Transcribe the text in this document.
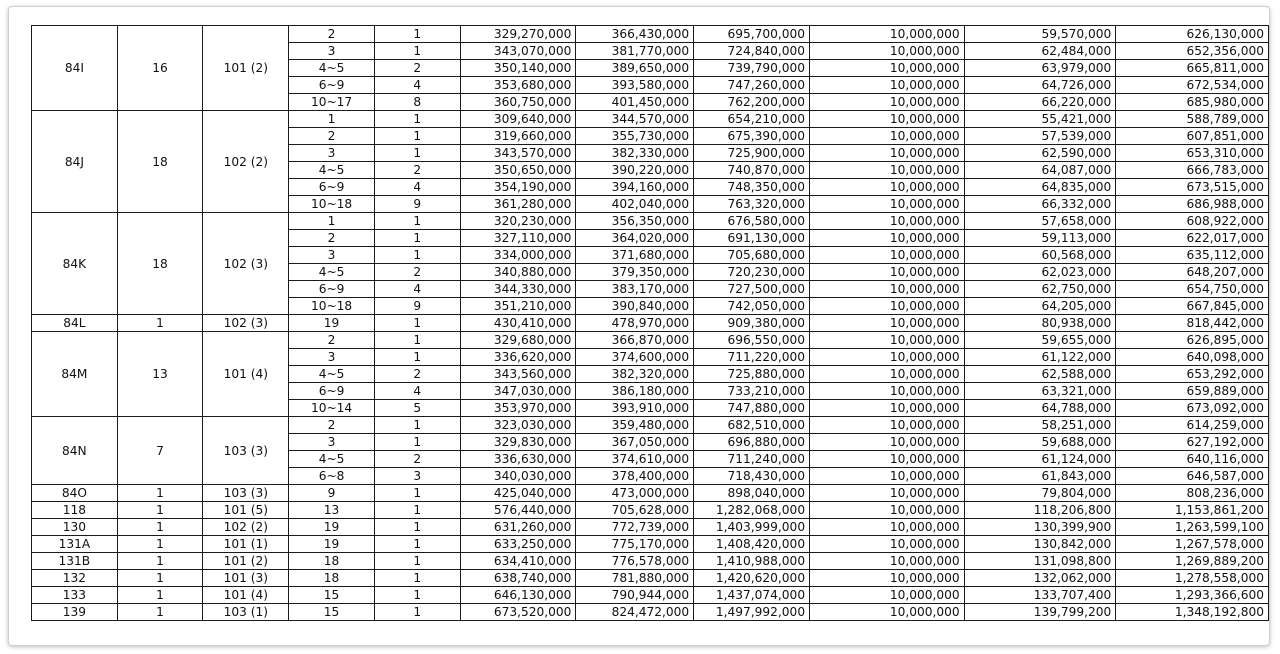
84I	16	101 (2)	2	1	329,270,000	366,430,000	695,700,000	10,000,000	59,570,000	626,130,000
			3	1	343,070,000	381,770,000	724,840,000	10,000,000	62,484,000	652,356,000
			4~5	2	350,140,000	389,650,000	739,790,000	10,000,000	63,979,000	665,811,000
			6~9	4	353,680,000	393,580,000	747,260,000	10,000,000	64,726,000	672,534,000
			10~17	8	360,750,000	401,450,000	762,200,000	10,000,000	66,220,000	685,980,000
84J	18	102 (2)	1	1	309,640,000	344,570,000	654,210,000	10,000,000	55,421,000	588,789,000
			2	1	319,660,000	355,730,000	675,390,000	10,000,000	57,539,000	607,851,000
			3	1	343,570,000	382,330,000	725,900,000	10,000,000	62,590,000	653,310,000
			4~5	2	350,650,000	390,220,000	740,870,000	10,000,000	64,087,000	666,783,000
			6~9	4	354,190,000	394,160,000	748,350,000	10,000,000	64,835,000	673,515,000
			10~18	9	361,280,000	402,040,000	763,320,000	10,000,000	66,332,000	686,988,000
84K	18	102 (3)	1	1	320,230,000	356,350,000	676,580,000	10,000,000	57,658,000	608,922,000
			2	1	327,110,000	364,020,000	691,130,000	10,000,000	59,113,000	622,017,000
			3	1	334,000,000	371,680,000	705,680,000	10,000,000	60,568,000	635,112,000
			4~5	2	340,880,000	379,350,000	720,230,000	10,000,000	62,023,000	648,207,000
			6~9	4	344,330,000	383,170,000	727,500,000	10,000,000	62,750,000	654,750,000
			10~18	9	351,210,000	390,840,000	742,050,000	10,000,000	64,205,000	667,845,000
84L	1	102 (3)	19	1	430,410,000	478,970,000	909,380,000	10,000,000	80,938,000	818,442,000
84M	13	101 (4)	2	1	329,680,000	366,870,000	696,550,000	10,000,000	59,655,000	626,895,000
			3	1	336,620,000	374,600,000	711,220,000	10,000,000	61,122,000	640,098,000
			4~5	2	343,560,000	382,320,000	725,880,000	10,000,000	62,588,000	653,292,000
			6~9	4	347,030,000	386,180,000	733,210,000	10,000,000	63,321,000	659,889,000
			10~14	5	353,970,000	393,910,000	747,880,000	10,000,000	64,788,000	673,092,000
84N	7	103 (3)	2	1	323,030,000	359,480,000	682,510,000	10,000,000	58,251,000	614,259,000
			3	1	329,830,000	367,050,000	696,880,000	10,000,000	59,688,000	627,192,000
			4~5	2	336,630,000	374,610,000	711,240,000	10,000,000	61,124,000	640,116,000
			6~8	3	340,030,000	378,400,000	718,430,000	10,000,000	61,843,000	646,587,000
84O	1	103 (3)	9	1	425,040,000	473,000,000	898,040,000	10,000,000	79,804,000	808,236,000
118	1	101 (5)	13	1	576,440,000	705,628,000	1,282,068,000	10,000,000	118,206,800	1,153,861,200
130	1	102 (2)	19	1	631,260,000	772,739,000	1,403,999,000	10,000,000	130,399,900	1,263,599,100
131A	1	101 (1)	19	1	633,250,000	775,170,000	1,408,420,000	10,000,000	130,842,000	1,267,578,000
131B	1	101 (2)	18	1	634,410,000	776,578,000	1,410,988,000	10,000,000	131,098,800	1,269,889,200
132	1	101 (3)	18	1	638,740,000	781,880,000	1,420,620,000	10,000,000	132,062,000	1,278,558,000
133	1	101 (4)	15	1	646,130,000	790,944,000	1,437,074,000	10,000,000	133,707,400	1,293,366,600
139	1	103 (1)	15	1	673,520,000	824,472,000	1,497,992,000	10,000,000	139,799,200	1,348,192,800
